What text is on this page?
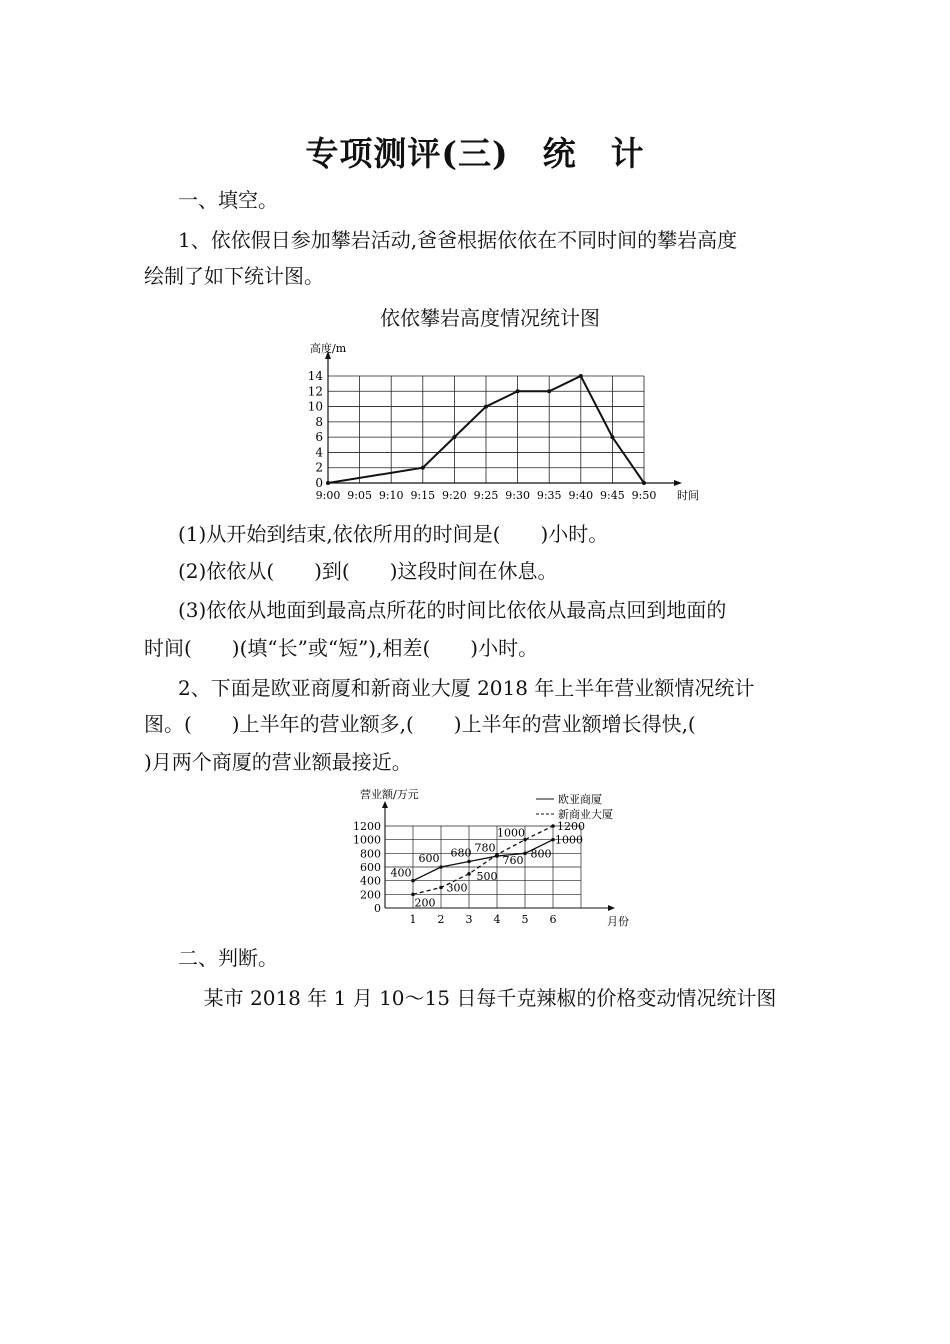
专项测评(三)　统　计
一、填空。
1、依依假日参加攀岩活动,爸爸根据依依在不同时间的攀岩高度
绘制了如下统计图。
依依攀岩高度情况统计图
0
2
4
6
8
10
12
14
9:00 9:05 9:10 9:15 9:20 9:25 9:30 9:35 9:40 9:45 9:50
高度/m
时间
(1)从开始到结束,依依所用的时间是(　　)小时。
(2)依依从(　　)到(　　)这段时间在休息。
(3)依依从地面到最高点所花的时间比依依从最高点回到地面的
时间(　　)(填“长”或“短”),相差(　　)小时。
2、下面是欧亚商厦和新商业大厦 2018 年上半年营业额情况统计
图。(　　)上半年的营业额多,(　　)上半年的营业额增长得快,(
)月两个商厦的营业额最接近。
0
200
400
600
800
1000
1200
1 2 3 4 5 6
营业额/万元
月份
欧亚商厦
新商业大厦
400
600 680
760
800
1000
200
300
500
780
1000
1200
二、判断。
某市 2018 年 1 月 10～15 日每千克辣椒的价格变动情况统计图
